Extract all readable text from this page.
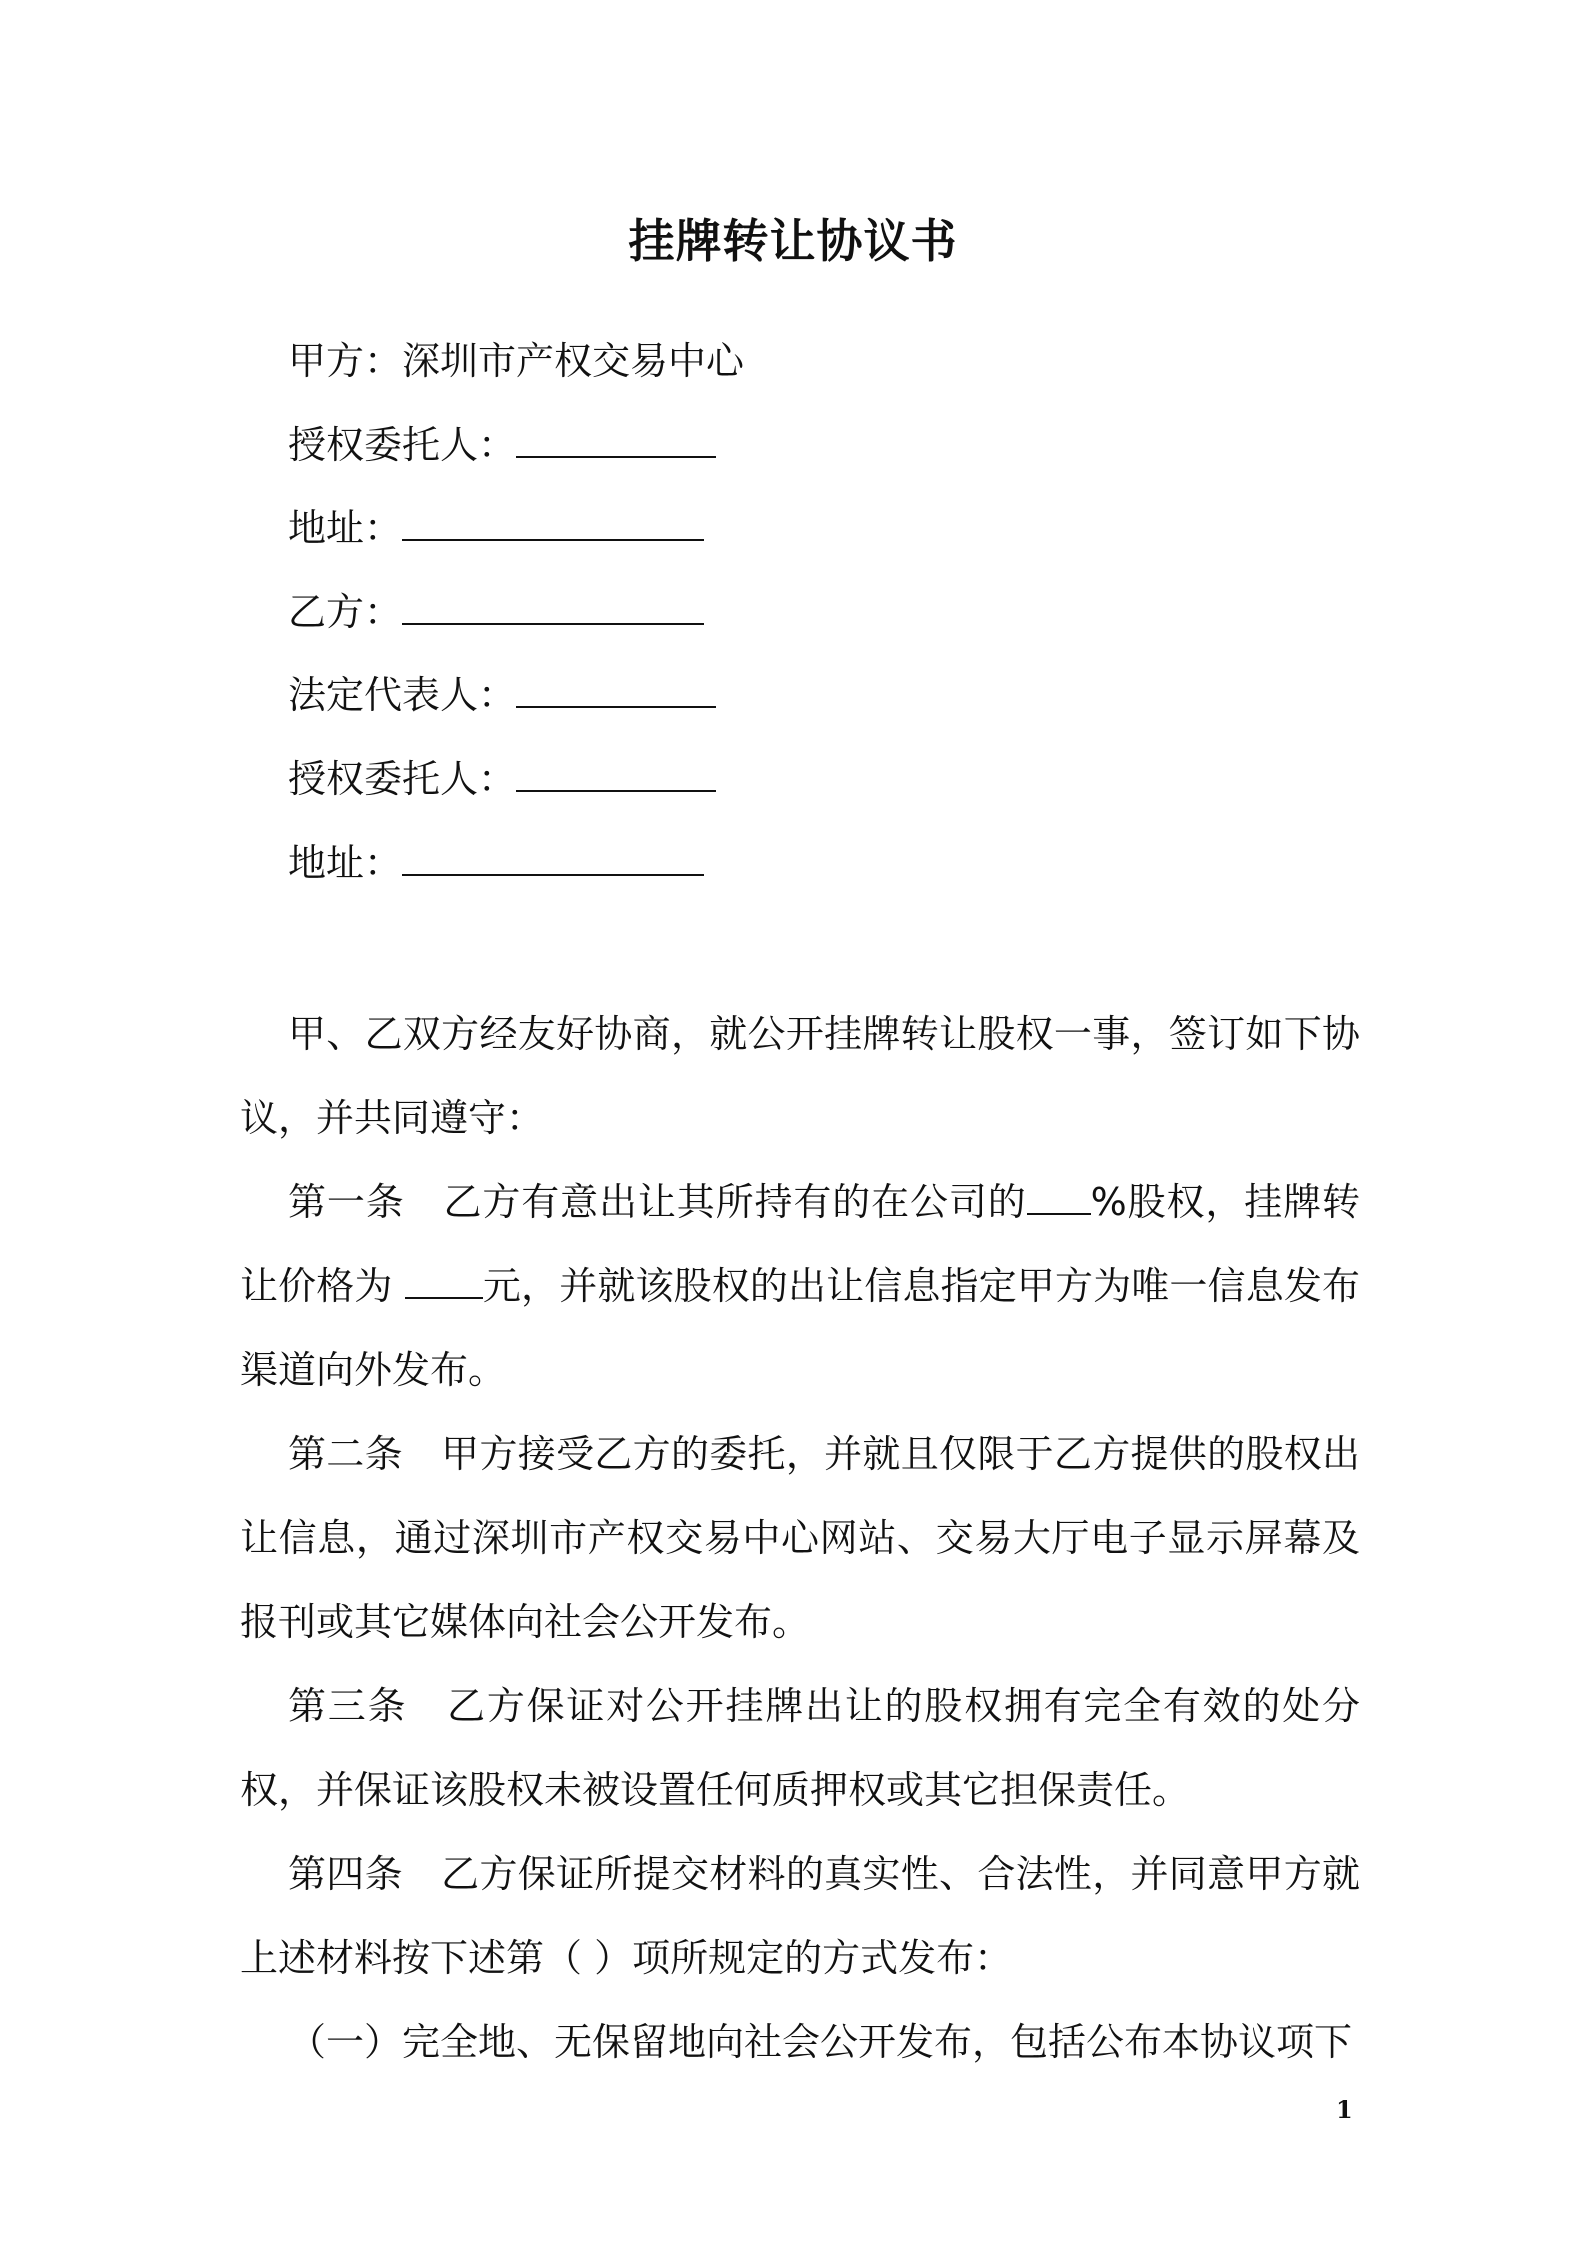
挂牌转让协议书
甲方：深圳市产权交易中心
授权委托人：
地址：
乙方：
法定代表人：
授权委托人：
地址：

甲、乙双方经友好协商，就公开挂牌转让股权一事，签订如下协议，并共同遵守：

第一条　乙方有意出让其所持有的在公司的 %股权，挂牌转让价格为 元，并就该股权的出让信息指定甲方为唯一信息发布渠道向外发布。

第二条　甲方接受乙方的委托，并就且仅限于乙方提供的股权出让信息，通过深圳市产权交易中心网站、交易大厅电子显示屏幕及报刊或其它媒体向社会公开发布。

第三条　乙方保证对公开挂牌出让的股权拥有完全有效的处分权，并保证该股权未被设置任何质押权或其它担保责任。

第四条　乙方保证所提交材料的真实性、合法性，并同意甲方就上述材料按下述第（ ）项所规定的方式发布：

（一）完全地、无保留地向社会公开发布，包括公布本协议项下

1
